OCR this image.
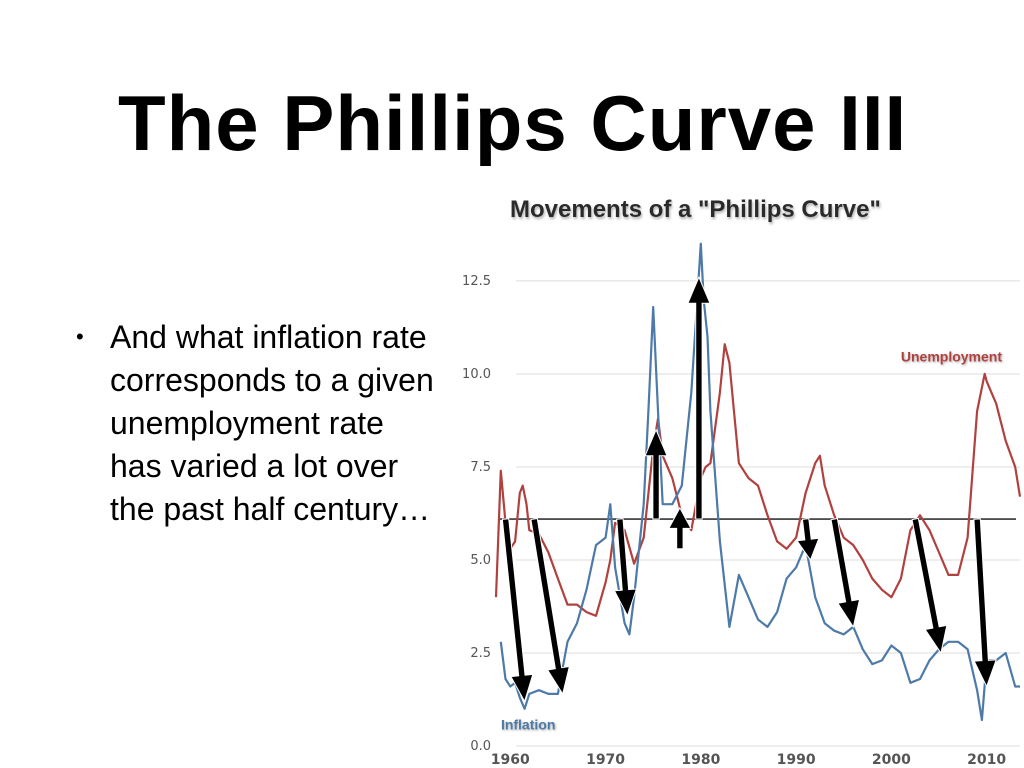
The Phillips Curve III
• And what inflation rate corresponds to a given unemployment rate has varied a lot over the past half century…
Movements of a "Phillips Curve"
0.0
2.5
5.0
7.5
10.0
12.5
1960	1970	1980	1990	2000	2010
Unemployment
Inflation
